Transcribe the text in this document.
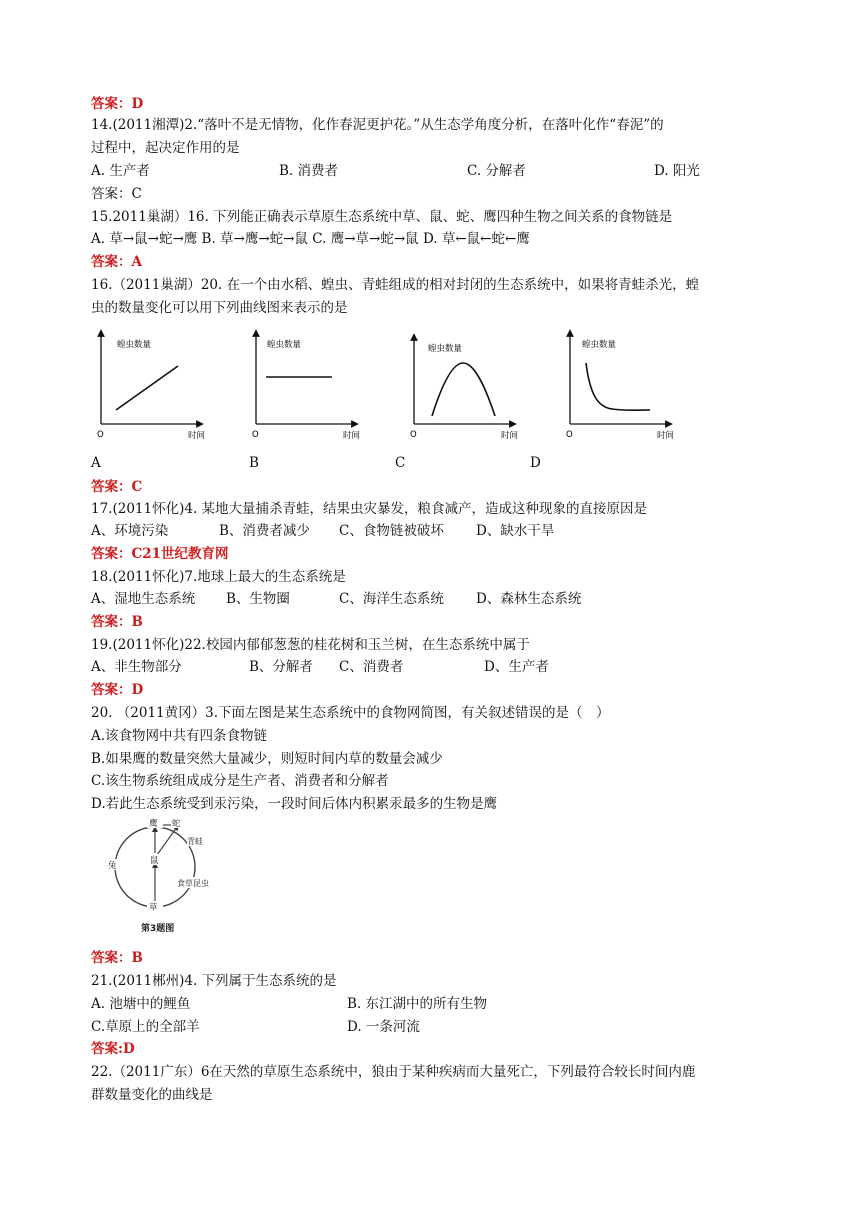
答案：D
14.(2011湘潭)2.“落叶不是无情物，化作春泥更护花。”从生态学角度分析，在落叶化作“春泥”的
过程中，起决定作用的是
A. 生产者	B. 消费者	C. 分解者	D. 阳光
答案：C
15.2011巢湖）16. 下列能正确表示草原生态系统中草、鼠、蛇、鹰四种生物之间关系的食物链是
A. 草→鼠→蛇→鹰 B. 草→鹰→蛇→鼠 C. 鹰→草→蛇→鼠 D. 草←鼠←蛇←鹰
答案：A
16.（2011巢湖）20. 在一个由水稻、蝗虫、青蛙组成的相对封闭的生态系统中，如果将青蛙杀光，蝗
虫的数量变化可以用下列曲线图来表示的是
蝗虫数量
O	时间
蝗虫数量
O	时间
蝗虫数量
O	时间
蝗虫数量
O	时间
A	B	C	D
答案：C
17.(2011怀化)4. 某地大量捕杀青蛙，结果虫灾暴发，粮食减产，造成这种现象的直接原因是
A、环境污染	B、消费者减少 C、食物链被破坏 D、缺水干旱
答案：C21世纪教育网
18.(2011怀化)7.地球上最大的生态系统是
A、湿地生态系统 B、生物圈	C、海洋生态系统 D、森林生态系统
答案：B
19.(2011怀化)22.校园内郁郁葱葱的桂花树和玉兰树，在生态系统中属于
A、非生物部分	B、分解者 C、消费者	D、生产者
答案：D
20. （2011黄冈）3.下面左图是某生态系统中的食物网简图，有关叙述错误的是（　）
A.该食物网中共有四条食物链
B.如果鹰的数量突然大量减少，则短时间内草的数量会减少
C.该生物系统组成成分是生产者、消费者和分解者
D.若此生态系统受到汞污染，一段时间后体内积累汞最多的生物是鹰
鹰 蛇
青蛙
兔	鼠
食草昆虫
草
第3题图
答案：B
21.(2011郴州)4. 下列属于生态系统的是
A. 池塘中的鲤鱼	B. 东江湖中的所有生物
C.草原上的全部羊	D. 一条河流
答案:D
22.（2011广东）6在天然的草原生态系统中，狼由于某种疾病而大量死亡，下列最符合较长时间内鹿
群数量变化的曲线是
